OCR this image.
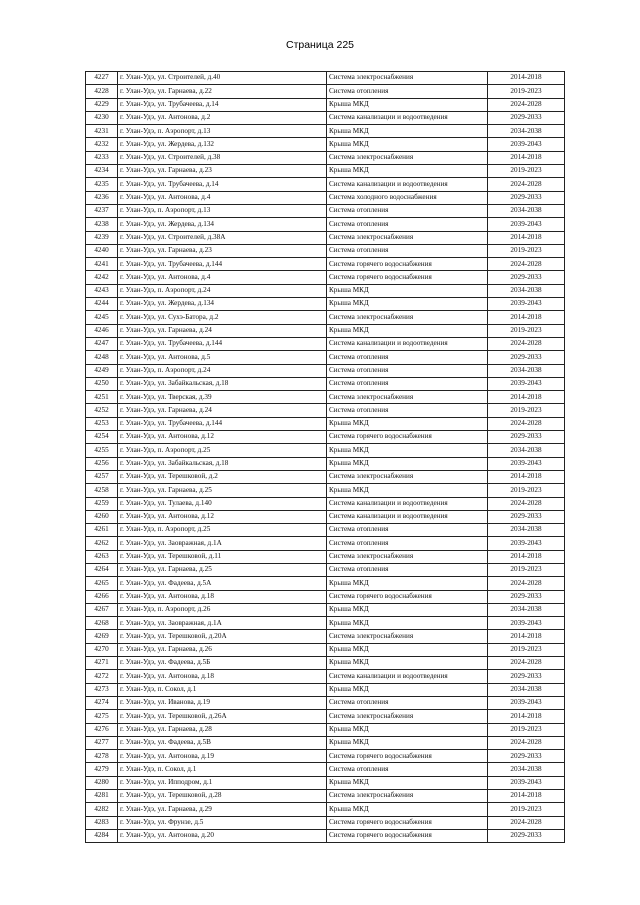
Страница 225
4227	г. Улан-Удэ, ул. Строителей, д.40	Система электроснабжения	2014-2018
4228	г. Улан-Удэ, ул. Гарнаева, д.22	Система отопления	2019-2023
4229	г. Улан-Удэ, ул. Трубачеева, д.14	Крыша МКД	2024-2028
4230	г. Улан-Удэ, ул. Антонова, д.2	Система канализации и водоотведения	2029-2033
4231	г. Улан-Удэ, п. Аэропорт, д.13	Крыша МКД	2034-2038
4232	г. Улан-Удэ, ул. Жердева, д.132	Крыша МКД	2039-2043
4233	г. Улан-Удэ, ул. Строителей, д.38	Система электроснабжения	2014-2018
4234	г. Улан-Удэ, ул. Гарнаева, д.23	Крыша МКД	2019-2023
4235	г. Улан-Удэ, ул. Трубачеева, д.14	Система канализации и водоотведения	2024-2028
4236	г. Улан-Удэ, ул. Антонова, д.4	Система холодного водоснабжения	2029-2033
4237	г. Улан-Удэ, п. Аэропорт, д.13	Система отопления	2034-2038
4238	г. Улан-Удэ, ул. Жердева, д.134	Система отопления	2039-2043
4239	г. Улан-Удэ, ул. Строителей, д.38А	Система электроснабжения	2014-2018
4240	г. Улан-Удэ, ул. Гарнаева, д.23	Система отопления	2019-2023
4241	г. Улан-Удэ, ул. Трубачеева, д.144	Система горячего водоснабжения	2024-2028
4242	г. Улан-Удэ, ул. Антонова, д.4	Система горячего водоснабжения	2029-2033
4243	г. Улан-Удэ, п. Аэропорт, д.24	Крыша МКД	2034-2038
4244	г. Улан-Удэ, ул. Жердева, д.134	Крыша МКД	2039-2043
4245	г. Улан-Удэ, ул. Сухэ-Батора, д.2	Система электроснабжения	2014-2018
4246	г. Улан-Удэ, ул. Гарнаева, д.24	Крыша МКД	2019-2023
4247	г. Улан-Удэ, ул. Трубачеева, д.144	Система канализации и водоотведения	2024-2028
4248	г. Улан-Удэ, ул. Антонова, д.5	Система отопления	2029-2033
4249	г. Улан-Удэ, п. Аэропорт, д.24	Система отопления	2034-2038
4250	г. Улан-Удэ, ул. Забайкальская, д.18	Система отопления	2039-2043
4251	г. Улан-Удэ, ул. Тверская, д.39	Система электроснабжения	2014-2018
4252	г. Улан-Удэ, ул. Гарнаева, д.24	Система отопления	2019-2023
4253	г. Улан-Удэ, ул. Трубачеева, д.144	Крыша МКД	2024-2028
4254	г. Улан-Удэ, ул. Антонова, д.12	Система горячего водоснабжения	2029-2033
4255	г. Улан-Удэ, п. Аэропорт, д.25	Крыша МКД	2034-2038
4256	г. Улан-Удэ, ул. Забайкальская, д.18	Крыша МКД	2039-2043
4257	г. Улан-Удэ, ул. Терешковой, д.2	Система электроснабжения	2014-2018
4258	г. Улан-Удэ, ул. Гарнаева, д.25	Крыша МКД	2019-2023
4259	г. Улан-Удэ, ул. Тулаева, д.140	Система канализации и водоотведения	2024-2028
4260	г. Улан-Удэ, ул. Антонова, д.12	Система канализации и водоотведения	2029-2033
4261	г. Улан-Удэ, п. Аэропорт, д.25	Система отопления	2034-2038
4262	г. Улан-Удэ, ул. Заовражная, д.1А	Система отопления	2039-2043
4263	г. Улан-Удэ, ул. Терешковой, д.11	Система электроснабжения	2014-2018
4264	г. Улан-Удэ, ул. Гарнаева, д.25	Система отопления	2019-2023
4265	г. Улан-Удэ, ул. Фадеева, д.5А	Крыша МКД	2024-2028
4266	г. Улан-Удэ, ул. Антонова, д.18	Система горячего водоснабжения	2029-2033
4267	г. Улан-Удэ, п. Аэропорт, д.26	Крыша МКД	2034-2038
4268	г. Улан-Удэ, ул. Заовражная, д.1А	Крыша МКД	2039-2043
4269	г. Улан-Удэ, ул. Терешковой, д.20А	Система электроснабжения	2014-2018
4270	г. Улан-Удэ, ул. Гарнаева, д.26	Крыша МКД	2019-2023
4271	г. Улан-Удэ, ул. Фадеева, д.5Б	Крыша МКД	2024-2028
4272	г. Улан-Удэ, ул. Антонова, д.18	Система канализации и водоотведения	2029-2033
4273	г. Улан-Удэ, п. Сокол, д.1	Крыша МКД	2034-2038
4274	г. Улан-Удэ, ул. Иванова, д.19	Система отопления	2039-2043
4275	г. Улан-Удэ, ул. Терешковой, д.26А	Система электроснабжения	2014-2018
4276	г. Улан-Удэ, ул. Гарнаева, д.28	Крыша МКД	2019-2023
4277	г. Улан-Удэ, ул. Фадеева, д.5В	Крыша МКД	2024-2028
4278	г. Улан-Удэ, ул. Антонова, д.19	Система горячего водоснабжения	2029-2033
4279	г. Улан-Удэ, п. Сокол, д.1	Система отопления	2034-2038
4280	г. Улан-Удэ, ул. Ипподром, д.1	Крыша МКД	2039-2043
4281	г. Улан-Удэ, ул. Терешковой, д.28	Система электроснабжения	2014-2018
4282	г. Улан-Удэ, ул. Гарнаева, д.29	Крыша МКД	2019-2023
4283	г. Улан-Удэ, ул. Фрунзе, д.5	Система горячего водоснабжения	2024-2028
4284	г. Улан-Удэ, ул. Антонова, д.20	Система горячего водоснабжения	2029-2033
